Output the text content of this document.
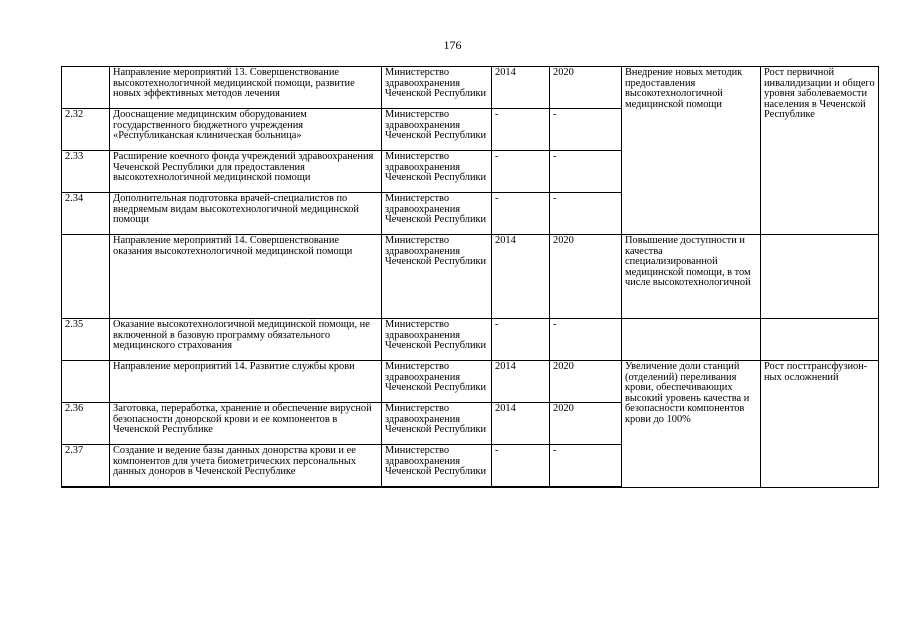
176
	Направление мероприятий 13. Совершенствование высокотехнологичной медицинской помощи, развитие новых эффективных методов лечения	Министерство здравоохранения Чеченской Республики	2014	2020	Внедрение новых методик предоставления высокотехнологичной медицинской помощи	Рост первичной инвалидизации и общего уровня заболеваемости населения в Чеченской Республике
2.32	Дооснащение медицинским оборудованием государственного бюджетного учреждения «Республиканская клиническая больница»	Министерство здравоохранения Чеченской Республики	-	-		
2.33	Расширение коечного фонда учреждений здравоохранения Чеченской Республики для предоставления высокотехнологичной медицинской помощи	Министерство здравоохранения Чеченской Республики	-	-		
2.34	Дополнительная подготовка врачей-специалистов по внедряемым видам высокотехнологичной медицинской помощи	Министерство здравоохранения Чеченской Республики	-	-		
	Направление мероприятий 14. Совершенствование оказания высокотехнологичной медицинской помощи	Министерство здравоохранения Чеченской Республики	2014	2020	Повышение доступности и качества специализированной медицинской помощи, в том числе высокотехнологичной	
2.35	Оказание высокотехнологичной медицинской помощи, не включенной в базовую программу обязательного медицинского страхования	Министерство здравоохранения Чеченской Республики	-	-		
	Направление мероприятий 14. Развитие службы крови	Министерство здравоохранения Чеченской Республики	2014	2020	Увеличение доли станций (отделений) переливания крови, обеспечивающих высокий уровень качества и безопасности компонентов крови до 100%	Рост посттрансфузион-ных осложнений
2.36	Заготовка, переработка, хранение и обеспечение вирусной безопасности донорской крови и ее компонентов в Чеченской Республике	Министерство здравоохранения Чеченской Республики	2014	2020		
2.37	Создание и ведение базы данных донорства крови и ее компонентов для учета биометрических персональных данных доноров в Чеченской Республике	Министерство здравоохранения Чеченской Республики	-	-		
